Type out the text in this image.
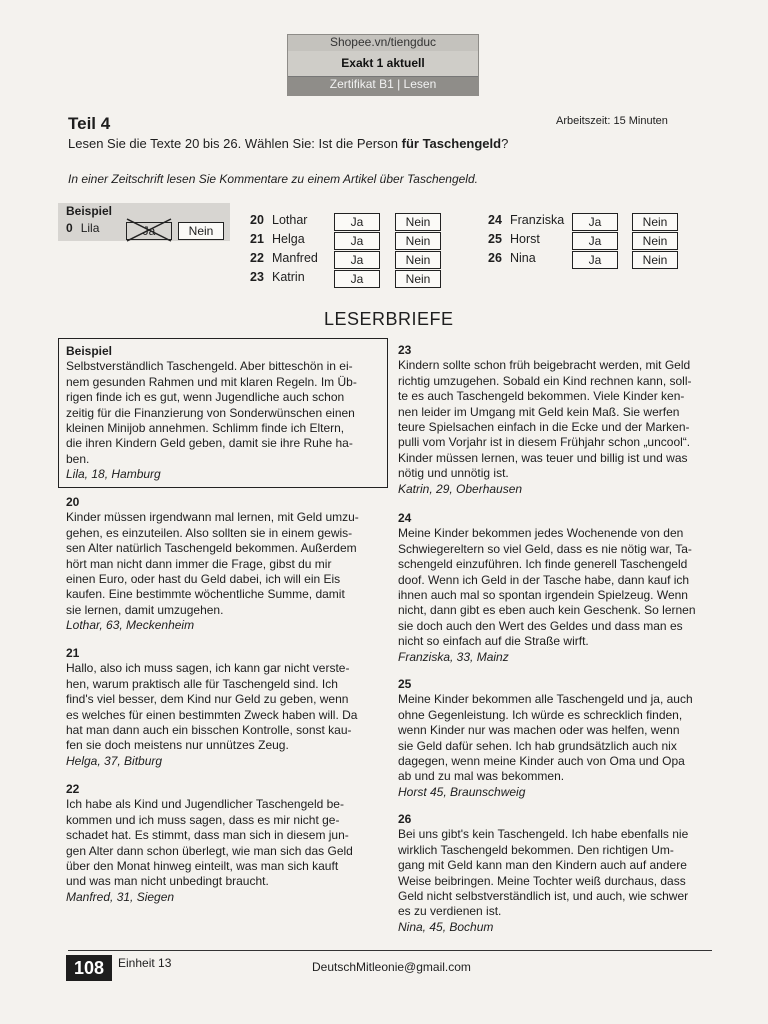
Shopee.vn/tiengduc
Exakt 1 aktuell
Zertifikat B1 | Lesen
Teil 4	Arbeitszeit: 15 Minuten
Lesen Sie die Texte 20 bis 26. Wählen Sie: Ist die Person für Taschengeld?
In einer Zeitschrift lesen Sie Kommentare zu einem Artikel über Taschengeld.
Beispiel
0 Lila	Ja	Nein
20 Lothar	Ja	Nein
21 Helga	Ja	Nein
22 Manfred	Ja	Nein
23 Katrin	Ja	Nein
24 Franziska	Ja	Nein
25 Horst	Ja	Nein
26 Nina	Ja	Nein
LESERBRIEFE

Beispiel

Selbstverständlich Taschengeld. Aber bitteschön in ei-

nem gesunden Rahmen und mit klaren Regeln. Im Üb-

rigen finde ich es gut, wenn Jugendliche auch schon

zeitig für die Finanzierung von Sonderwünschen einen

kleinen Minijob annehmen. Schlimm finde ich Eltern,

die ihren Kindern Geld geben, damit sie ihre Ruhe ha-

ben.

Lila, 18, Hamburg

20

Kinder müssen irgendwann mal lernen, mit Geld umzu-

gehen, es einzuteilen. Also sollten sie in einem gewis-

sen Alter natürlich Taschengeld bekommen. Außerdem

hört man nicht dann immer die Frage, gibst du mir

einen Euro, oder hast du Geld dabei, ich will ein Eis

kaufen. Eine bestimmte wöchentliche Summe, damit

sie lernen, damit umzugehen.

Lothar, 63, Meckenheim

21

Hallo, also ich muss sagen, ich kann gar nicht verste-

hen, warum praktisch alle für Taschengeld sind. Ich

find's viel besser, dem Kind nur Geld zu geben, wenn

es welches für einen bestimmten Zweck haben will. Da

hat man dann auch ein bisschen Kontrolle, sonst kau-

fen sie doch meistens nur unnützes Zeug.

Helga, 37, Bitburg

22

Ich habe als Kind und Jugendlicher Taschengeld be-

kommen und ich muss sagen, dass es mir nicht ge-

schadet hat. Es stimmt, dass man sich in diesem jun-

gen Alter dann schon überlegt, wie man sich das Geld

über den Monat hinweg einteilt, was man sich kauft

und was man nicht unbedingt braucht.

Manfred, 31, Siegen

23

Kindern sollte schon früh beigebracht werden, mit Geld

richtig umzugehen. Sobald ein Kind rechnen kann, soll-

te es auch Taschengeld bekommen. Viele Kinder ken-

nen leider im Umgang mit Geld kein Maß. Sie werfen

teure Spielsachen einfach in die Ecke und der Marken-

pulli vom Vorjahr ist in diesem Frühjahr schon „uncool“.

Kinder müssen lernen, was teuer und billig ist und was

nötig und unnötig ist.

Katrin, 29, Oberhausen

24

Meine Kinder bekommen jedes Wochenende von den

Schwiegereltern so viel Geld, dass es nie nötig war, Ta-

schengeld einzuführen. Ich finde generell Taschengeld

doof. Wenn ich Geld in der Tasche habe, dann kauf ich

ihnen auch mal so spontan irgendein Spielzeug. Wenn

nicht, dann gibt es eben auch kein Geschenk. So lernen

sie doch auch den Wert des Geldes und dass man es

nicht so einfach auf die Straße wirft.

Franziska, 33, Mainz

25

Meine Kinder bekommen alle Taschengeld und ja, auch

ohne Gegenleistung. Ich würde es schrecklich finden,

wenn Kinder nur was machen oder was helfen, wenn

sie Geld dafür sehen. Ich hab grundsätzlich auch nix

dagegen, wenn meine Kinder auch von Oma und Opa

ab und zu mal was bekommen.

Horst 45, Braunschweig

26

Bei uns gibt's kein Taschengeld. Ich habe ebenfalls nie

wirklich Taschengeld bekommen. Den richtigen Um-

gang mit Geld kann man den Kindern auch auf andere

Weise beibringen. Meine Tochter weiß durchaus, dass

Geld nicht selbstverständlich ist, und auch, wie schwer

es zu verdienen ist.

Nina, 45, Bochum

108	Einheit 13	DeutschMitleonie@gmail.com
